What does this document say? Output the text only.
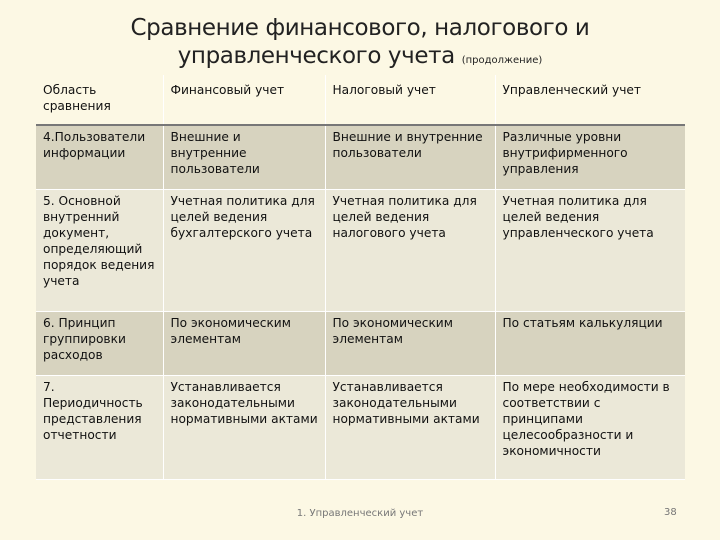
Сравнение финансового, налогового и
управленческого учета (продолжение)
Область сравнения	Финансовый учет	Налоговый учет	Управленческий учет
4.Пользователи информации	Внешние и внутренние пользователи	Внешние и внутренние пользователи	Различные уровни внутрифирменного управления
5. Основной внутренний документ, определяющий порядок ведения учета	Учетная политика для целей ведения бухгалтерского учета	Учетная политика для целей ведения налогового учета	Учетная политика для целей ведения управленческого учета
6. Принцип группировки расходов	По экономическим элементам	По экономическим элементам	По статьям калькуляции
7. Периодичность представления отчетности	Устанавливается законодательными нормативными актами	Устанавливается законодательными нормативными актами	По мере необходимости в соответствии с принципами целесообразности и экономичности
1. Управленческий учет	38
